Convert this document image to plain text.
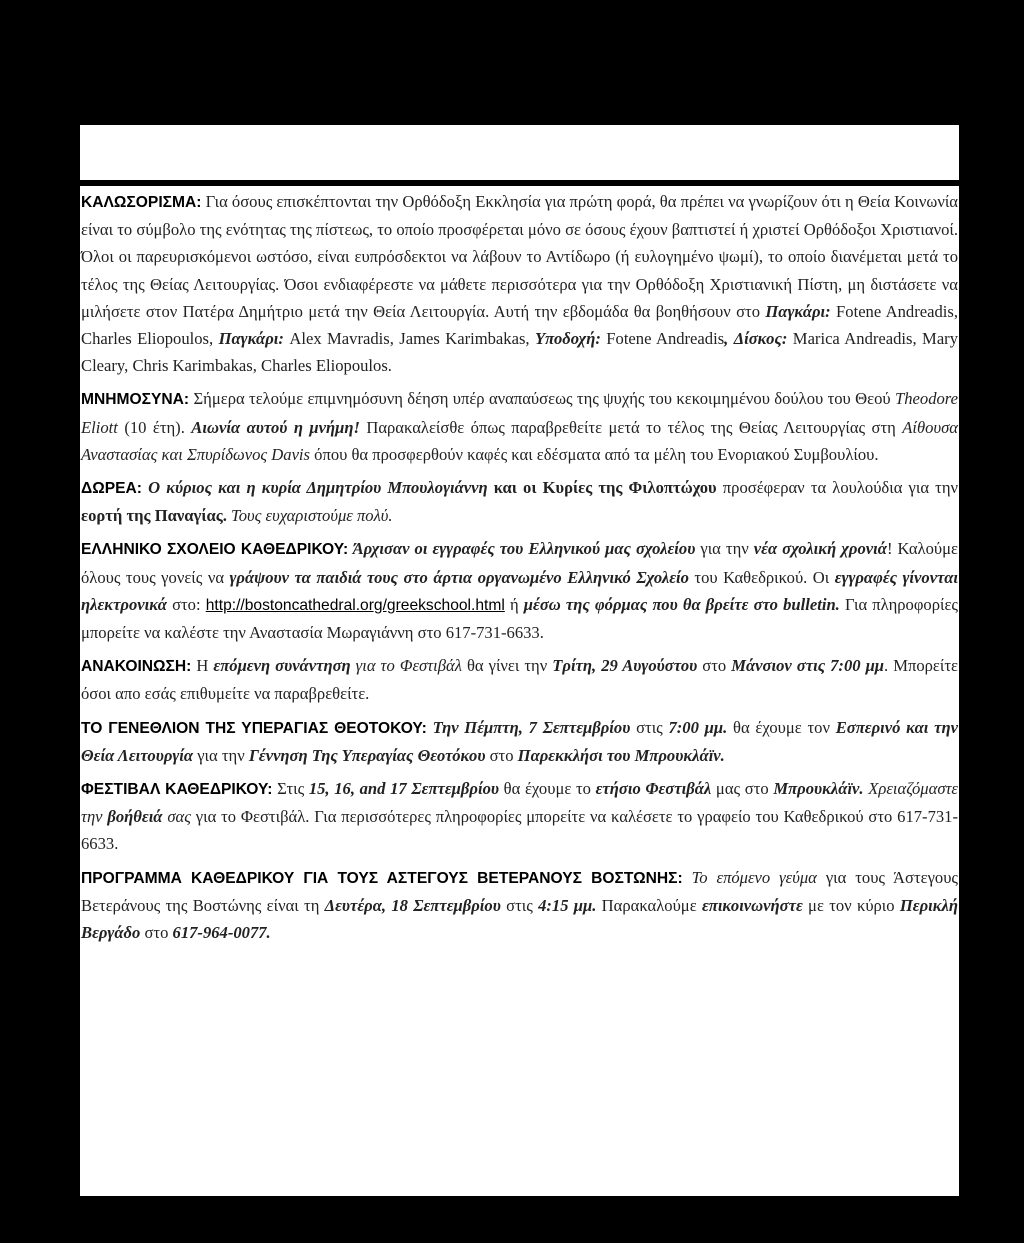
ΚΑΛΩΣΟΡΙΣΜΑ: Για όσους επισκέπτονται την Ορθόδοξη Εκκλησία για πρώτη φορά, θα πρέπει να γνωρίζουν ότι η Θεία Κοινωνία είναι το σύμβολο της ενότητας της πίστεως, το οποίο προσφέρεται μόνο σε όσους έχουν βαπτιστεί ή χριστεί Ορθόδοξοι Χριστιανοί. Όλοι οι παρευρισκόμενοι ωστόσο, είναι ευπρόσδεκτοι να λάβουν το Αντίδωρο (ή ευλογημένο ψωμί), το οποίο διανέμεται μετά το τέλος της Θείας Λειτουργίας. Όσοι ενδιαφέρεστε να μάθετε περισσότερα για την Ορθόδοξη Χριστιανική Πίστη, μη διστάσετε να μιλήσετε στον Πατέρα Δημήτριο μετά την Θεία Λειτουργία. Αυτή την εβδομάδα θα βοηθήσουν στο Παγκάρι: Fotene Andreadis, Charles Eliopoulos, Παγκάρι: Alex Mavradis, James Karimbakas, Υποδοχή: Fotene Andreadis, Δίσκος: Marica Andreadis, Mary Cleary, Chris Karimbakas, Charles Eliopoulos.
ΜΝΗΜΟΣΥΝΑ: Σήμερα τελούμε επιμνημόσυνη δέηση υπέρ αναπαύσεως της ψυχής του κεκοιμημένου δούλου του Θεού Theodore Eliott (10 έτη). Αιωνία αυτού η μνήμη! Παρακαλείσθε όπως παραβρεθείτε μετά το τέλος της Θείας Λειτουργίας στη Αίθουσα Αναστασίας και Σπυρίδωνος Davis όπου θα προσφερθούν καφές και εδέσματα από τα μέλη του Ενοριακού Συμβουλίου.
ΔΩΡΕΑ: Ο κύριος και η κυρία Δημητρίου Μπουλογιάννη και οι Κυρίες της Φιλοπτώχου προσέφεραν τα λουλούδια για την εορτή της Παναγίας. Τους ευχαριστούμε πολύ.
ΕΛΛΗΝΙΚΟ ΣΧΟΛΕΙΟ ΚΑΘΕΔΡΙΚΟΥ: Άρχισαν οι εγγραφές του Ελληνικού μας σχολείου για την νέα σχολική χρονιά! Καλούμε όλους τους γονείς να γράψουν τα παιδιά τους στο άρτια οργανωμένο Ελληνικό Σχολείο του Καθεδρικού. Οι εγγραφές γίνονται ηλεκτρονικά στο: http://bostoncathedral.org/greekschool.html ή μέσω της φόρμας που θα βρείτε στο bulletin. Για πληροφορίες μπορείτε να καλέστε την Αναστασία Μωραγιάννη στο 617-731-6633.
ΑΝΑΚΟΙΝΩΣΗ: Η επόμενη συνάντηση για το Φεστιβάλ θα γίνει την Τρίτη, 29 Αυγούστου στο Μάνσιον στις 7:00 μμ. Μπορείτε όσοι απο εσάς επιθυμείτε να παραβρεθείτε.
ΤΟ ΓΕΝΕΘΛΙΟΝ ΤΗΣ ΥΠΕΡΑΓΙΑΣ ΘΕΟΤΟΚΟΥ: Την Πέμπτη, 7 Σεπτεμβρίου στις 7:00 μμ. θα έχουμε τον Εσπερινό και την Θεία Λειτουργία για την Γέννηση Της Υπεραγίας Θεοτόκου στο Παρεκκλήσι του Μπρουκλάϊν.
ΦΕΣΤΙΒΑΛ ΚΑΘΕΔΡΙΚΟΥ: Στις 15, 16, and 17 Σεπτεμβρίου θα έχουμε το ετήσιο Φεστιβάλ μας στο Μπρουκλάϊν. Χρειαζόμαστε την βοήθειά σας για το Φεστιβάλ. Για περισσότερες πληροφορίες μπορείτε να καλέσετε το γραφείο του Καθεδρικού στο 617-731-6633.
ΠΡΟΓΡΑΜΜΑ ΚΑΘΕΔΡΙΚΟΥ ΓΙΑ ΤΟΥΣ ΑΣΤΕΓΟΥΣ ΒΕΤΕΡΑΝΟΥΣ ΒΟΣΤΩΝΗΣ: Το επόμενο γεύμα για τους Άστεγους Βετεράνους της Βοστώνης είναι τη Δευτέρα, 18 Σεπτεμβρίου στις 4:15 μμ. Παρακαλούμε επικοινωνήστε με τον κύριο Περικλή Βεργάδο στο 617-964-0077.
